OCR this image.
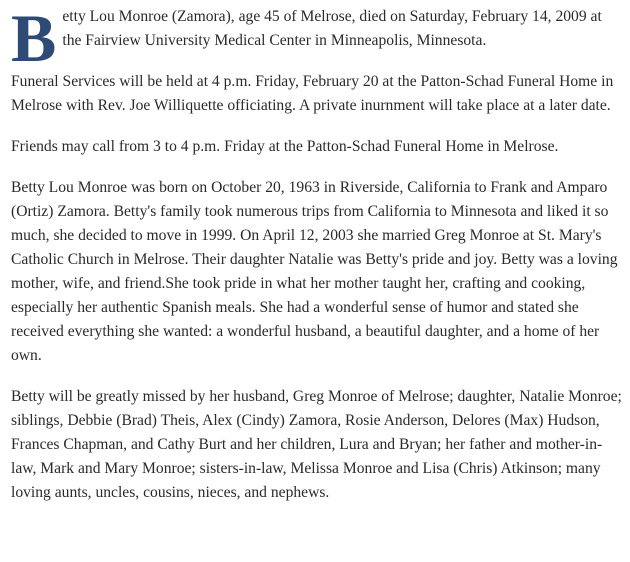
Betty Lou Monroe (Zamora), age 45 of Melrose, died on Saturday, February 14, 2009 at the Fairview University Medical Center in Minneapolis, Minnesota.

Funeral Services will be held at 4 p.m. Friday, February 20 at the Patton-Schad Funeral Home in Melrose with Rev. Joe Williquette officiating. A private inurnment will take place at a later date.

Friends may call from 3 to 4 p.m. Friday at the Patton-Schad Funeral Home in Melrose.

Betty Lou Monroe was born on October 20, 1963 in Riverside, California to Frank and Amparo (Ortiz) Zamora. Betty's family took numerous trips from California to Minnesota and liked it so much, she decided to move in 1999. On April 12, 2003 she married Greg Monroe at St. Mary's Catholic Church in Melrose. Their daughter Natalie was Betty's pride and joy. Betty was a loving mother, wife, and friend.She took pride in what her mother taught her, crafting and cooking, especially her authentic Spanish meals. She had a wonderful sense of humor and stated she received everything she wanted: a wonderful husband, a beautiful daughter, and a home of her own.

Betty will be greatly missed by her husband, Greg Monroe of Melrose; daughter, Natalie Monroe; siblings, Debbie (Brad) Theis, Alex (Cindy) Zamora, Rosie Anderson, Delores (Max) Hudson, Frances Chapman, and Cathy Burt and her children, Lura and Bryan; her father and mother-in-law, Mark and Mary Monroe; sisters-in-law, Melissa Monroe and Lisa (Chris) Atkinson; many loving aunts, uncles, cousins, nieces, and nephews.
